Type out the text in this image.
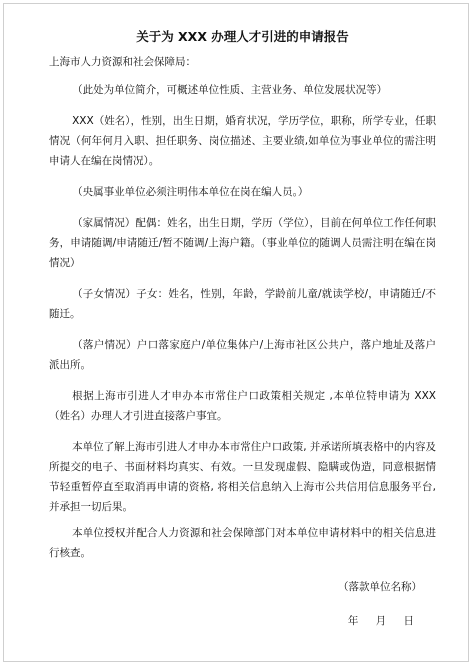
关于为 XXX 办理人才引进的申请报告
上海市人力资源和社会保障局：

（此处为单位简介，可概述单位性质、主营业务、单位发展状况等）

XXX（姓名），性别，出生日期，婚育状况，学历学位，职称，所学专业，任职情况（何年何月入职、担任职务、岗位描述、主要业绩,如单位为事业单位的需注明申请人在编在岗情况）。

（央属事业单位必须注明伟本单位在岗在编人员。）

（家属情况）配偶：姓名，出生日期，学历（学位），目前在何单位工作任何职务，申请随调/申请随迁/暂不随调/上海户籍。（事业单位的随调人员需注明在编在岗情况）

（子女情况）子女：姓名，性别，年龄，学龄前儿童/就读学校/，申请随迁/不随迁。

（落户情况）户口落家庭户/单位集体户/上海市社区公共户，落户地址及落户派出所。

根据上海市引进人才申办本市常住户口政策相关规定 ,本单位特申请为 XXX（姓名）办理人才引进直接落户事宜。

本单位了解上海市引进人才申办本市常住户口政策, 并承诺所填表格中的内容及所提交的电子、书面材料均真实、有效。一旦发现虚假、隐瞒或伪造，同意根据情节轻重暂停直至取消再申请的资格, 将相关信息纳入上海市公共信用信息服务平台, 并承担一切后果。

本单位授权并配合人力资源和社会保障部门对本单位申请材料中的相关信息进行核查。

（落款单位名称）
年 月 日
